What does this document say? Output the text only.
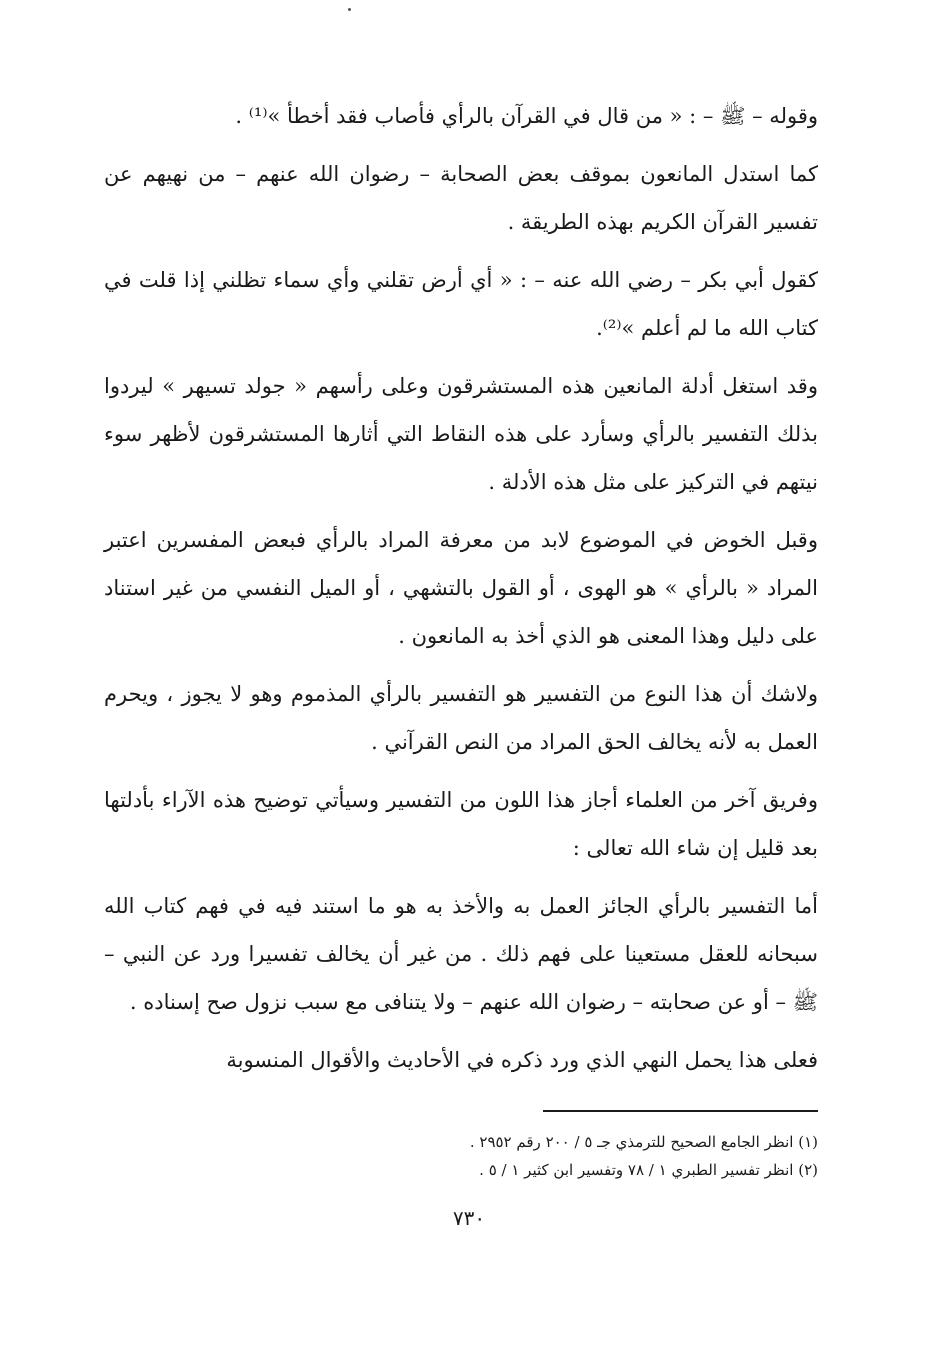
وقوله – ﷺ – : « من قال في القرآن بالرأي فأصاب فقد أخطأ »⁽¹⁾ .

كما استدل المانعون بموقف بعض الصحابة – رضوان الله عنهم – من نهيهم عن تفسير القرآن الكريم بهذه الطريقة .

كقول أبي بكر – رضي الله عنه – : « أي أرض تقلني وأي سماء تظلني إذا قلت في كتاب الله ما لم أعلم »⁽²⁾.

وقد استغل أدلة المانعين هذه المستشرقون وعلى رأسهم « جولد تسيهر » ليردوا بذلك التفسير بالرأي وسأرد على هذه النقاط التي أثارها المستشرقون لأظهر سوء نيتهم في التركيز على مثل هذه الأدلة .

وقبل الخوض في الموضوع لابد من معرفة المراد بالرأي فبعض المفسرين اعتبر المراد « بالرأي » هو الهوى ، أو القول بالتشهي ، أو الميل النفسي من غير استناد على دليل وهذا المعنى هو الذي أخذ به المانعون .

ولاشك أن هذا النوع من التفسير هو التفسير بالرأي المذموم وهو لا يجوز ، ويحرم العمل به لأنه يخالف الحق المراد من النص القرآني .

وفريق آخر من العلماء أجاز هذا اللون من التفسير وسيأتي توضيح هذه الآراء بأدلتها بعد قليل إن شاء الله تعالى :

أما التفسير بالرأي الجائز العمل به والأخذ به هو ما استند فيه في فهم كتاب الله سبحانه للعقل مستعينا على فهم ذلك . من غير أن يخالف تفسيرا ورد عن النبي – ﷺ – أو عن صحابته – رضوان الله عنهم – ولا يتنافى مع سبب نزول صح إسناده .

فعلى هذا يحمل النهي الذي ورد ذكره في الأحاديث والأقوال المنسوبة

(١) انظر الجامع الصحيح للترمذي جـ ٥ / ٢٠٠ رقم ٢٩٥٢ .

(٢) انظر تفسير الطبري ١ / ٧٨ وتفسير ابن كثير ١ / ٥ .

٧٣٠
